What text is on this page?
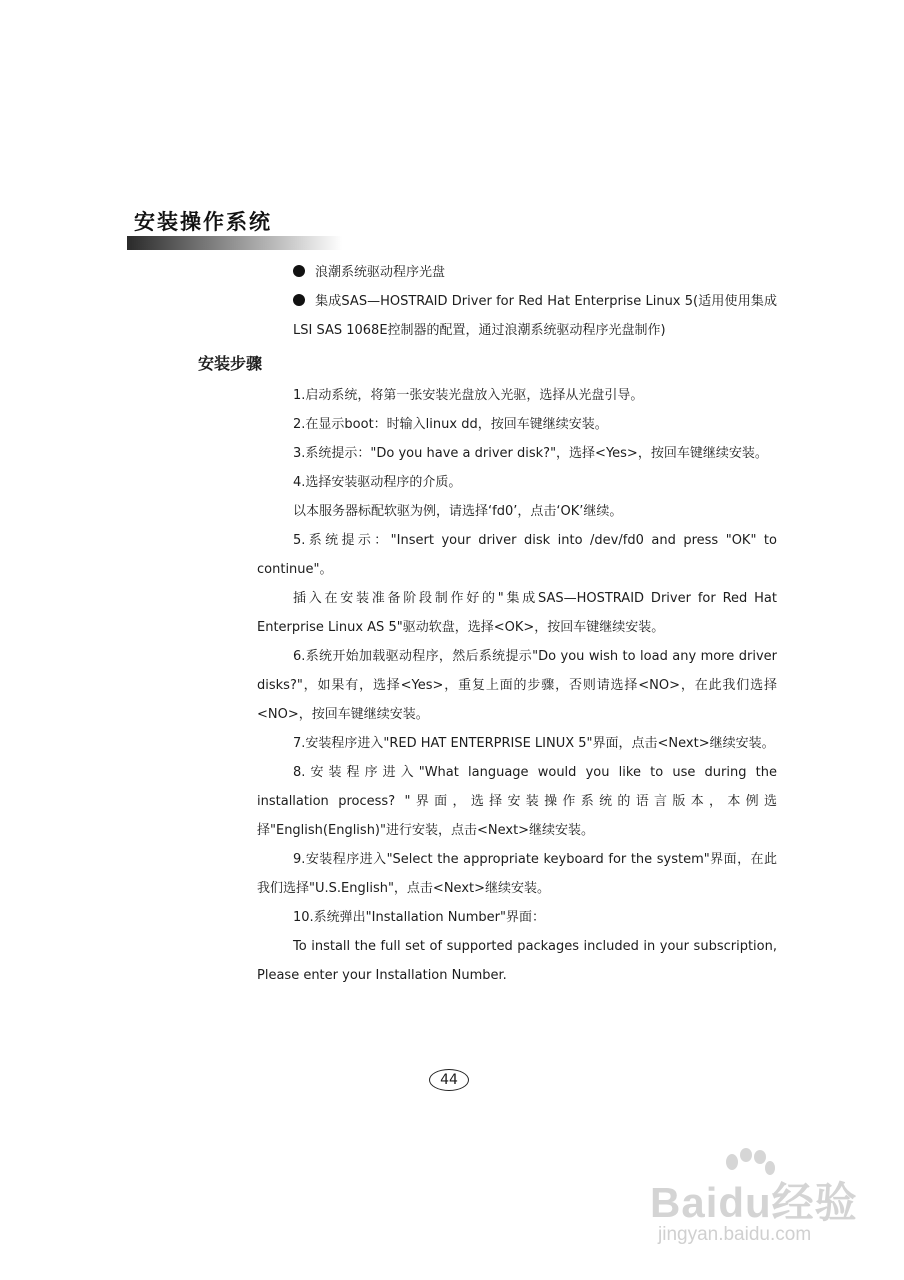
安装操作系统

浪潮系统驱动程序光盘

集成SAS—HOSTRAID Driver for Red Hat Enterprise Linux 5(适用使用集成LSI SAS 1068E控制器的配置，通过浪潮系统驱动程序光盘制作)

安装步骤

1.启动系统，将第一张安装光盘放入光驱，选择从光盘引导。

2.在显示boot：时输入linux dd，按回车键继续安装。

3.系统提示："Do you have a driver disk?"，选择<Yes>，按回车键继续安装。

4.选择安装驱动程序的介质。

以本服务器标配软驱为例，请选择‘fd0’，点击‘OK’继续。

5.系统提示："Insert your driver disk into /dev/fd0 and press "OK" to continue"。

插入在安装准备阶段制作好的"集成SAS—HOSTRAID Driver for Red Hat Enterprise Linux AS 5"驱动软盘，选择<OK>，按回车键继续安装。

6.系统开始加载驱动程序，然后系统提示"Do you wish to load any more driver disks?"，如果有，选择<Yes>，重复上面的步骤，否则请选择<NO>，在此我们选择<NO>，按回车键继续安装。

7.安装程序进入"RED HAT ENTERPRISE LINUX 5"界面，点击<Next>继续安装。

8.安装程序进入"What language would you like to use during the installation process? "界面，选择安装操作系统的语言版本，本例选择"English(English)"进行安装，点击<Next>继续安装。

9.安装程序进入"Select the appropriate keyboard for the system"界面，在此我们选择"U.S.English"，点击<Next>继续安装。

10.系统弹出"Installation Number"界面：

To install the full set of supported packages included in your subscription, Please enter your Installation Number.

44
Baidu经验
jingyan.baidu.com
